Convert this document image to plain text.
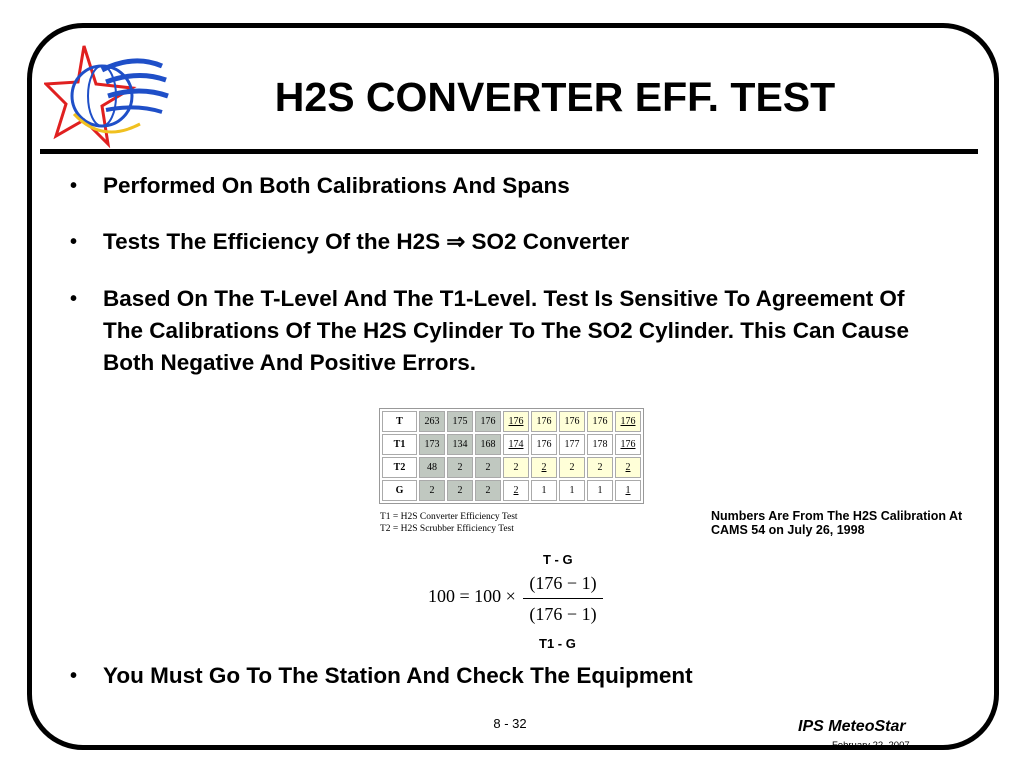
H2S CONVERTER EFF. TEST
• Performed On Both Calibrations And Spans
• Tests The Efficiency Of the H2S ⇒ SO2 Converter
• Based On The T-Level And The T1-Level. Test Is Sensitive To Agreement Of The Calibrations Of The H2S Cylinder To The SO2 Cylinder. This Can Cause Both Negative And Positive Errors.
T	263	175	176	176	176	176	176	176
T1	173	134	168	174	176	177	178	176
T2	48	2	2	2	2	2	2	2
G	2	2	2	2	1	1	1	1
T1 = H2S Converter Efficiency Test
T2 = H2S Scrubber Efficiency Test
Numbers Are From The H2S Calibration At CAMS 54 on July 26, 1998
T - G
100 = 100 ×
(176 − 1)
(176 − 1)
T1 - G
• You Must Go To The Station And Check The Equipment
8 - 32	IPS MeteoStar
February 22, 2007
